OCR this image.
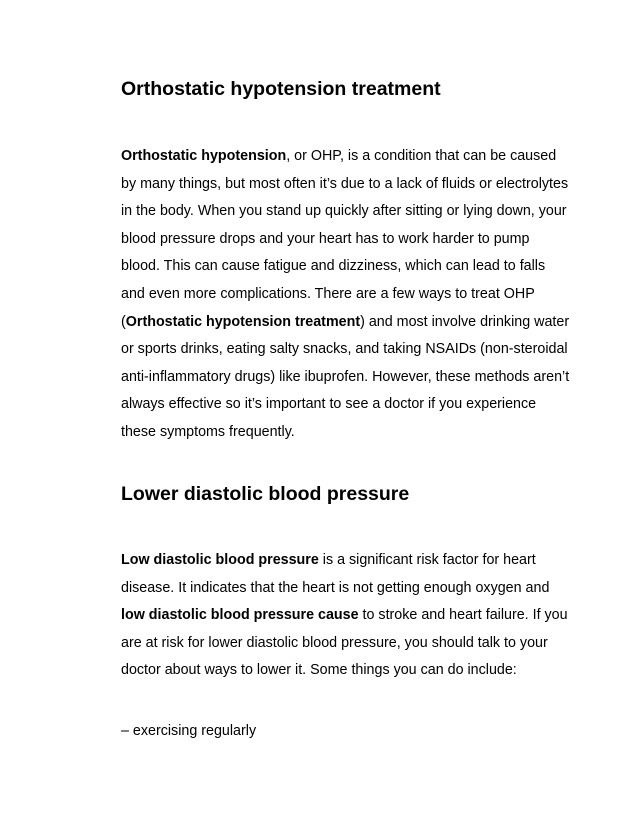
Orthostatic hypotension treatment

Orthostatic hypotension, or OHP, is a condition that can be caused by many things, but most often it’s due to a lack of fluids or electrolytes in the body. When you stand up quickly after sitting or lying down, your blood pressure drops and your heart has to work harder to pump blood. This can cause fatigue and dizziness, which can lead to falls and even more complications. There are a few ways to treat OHP (Orthostatic hypotension treatment) and most involve drinking water or sports drinks, eating salty snacks, and taking NSAIDs (non-steroidal anti-inflammatory drugs) like ibuprofen. However, these methods aren’t always effective so it’s important to see a doctor if you experience these symptoms frequently.

Lower diastolic blood pressure

Low diastolic blood pressure is a significant risk factor for heart disease. It indicates that the heart is not getting enough oxygen and low diastolic blood pressure cause to stroke and heart failure. If you are at risk for lower diastolic blood pressure, you should talk to your doctor about ways to lower it. Some things you can do include:

– exercising regularly
